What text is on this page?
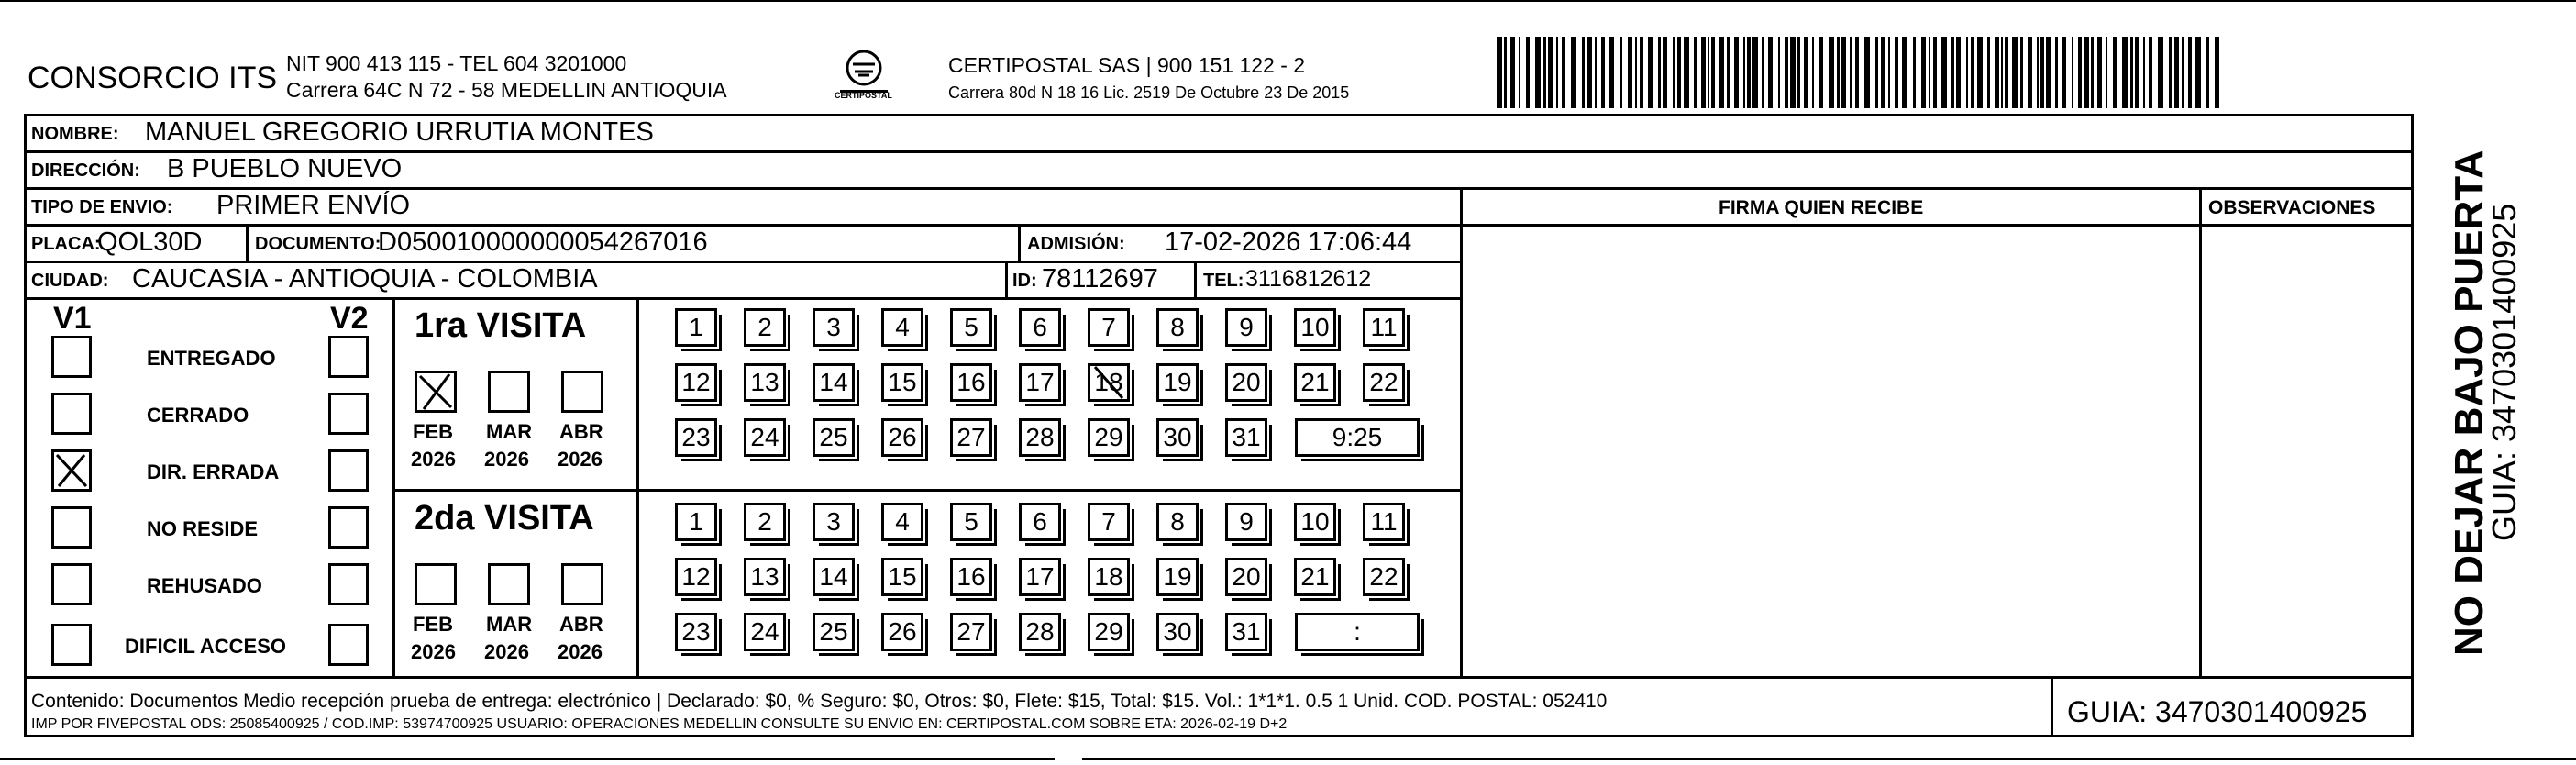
CONSORCIO ITS NIT 900 413 115 - TEL 604 3201000
Carrera 64C N 72 - 58 MEDELLIN ANTIOQUIA	CERTIPOSTAL
CERTIPOSTAL SAS | 900 151 122 - 2
Carrera 80d N 18 16 Lic. 2519 De Octubre 23 De 2015
NOMBRE: MANUEL GREGORIO URRUTIA MONTES
DIRECCIÓN: B PUEBLO NUEVO
TIPO DE ENVIO: PRIMER ENVÍO	FIRMA QUIEN RECIBE	OBSERVACIONES
PLACA:
QOL30D	DOCUMENTO:
D050010000000054267016	ADMISIÓN: 17-02-2026 17:06:44
CIUDAD: CAUCASIA - ANTIOQUIA - COLOMBIA	ID: 78112697 TEL: 3116812612
V1	V2 1ra VISITA
2da VISITA
Contenido: Documentos Medio recepción prueba de entrega: electrónico | Declarado: $0, % Seguro: $0, Otros: $0, Flete: $15, Total: $15. Vol.: 1*1*1. 0.5 1 Unid. COD. POSTAL: 052410
IMP POR FIVEPOSTAL ODS: 25085400925 / COD.IMP: 53974700925 USUARIO: OPERACIONES MEDELLIN CONSULTE SU ENVIO EN: CERTIPOSTAL.COM SOBRE ETA: 2026-02-19 D+2	GUIA: 3470301400925
NO DEJAR BAJO PUERTA
GUIA: 3470301400925
ENTREGADO
CERRADO
DIR. ERRADA
NO RESIDE
REHUSADO
DIFICIL ACCESO
FEB
2026
MAR
2026
ABR
2026
FEB
2026
MAR
2026
ABR
2026
1	2	3	4	5	6	7	8	9	10	11
12 13 14 15 16 17 18 19 20 21 22
23 24 25 26 27 28 29 30 31	9:25
1	2	3	4	5	6	7	8	9	10	11
12 13 14 15 16 17 18 19 20 21 22
23 24 25 26 27 28 29 30 31	:
